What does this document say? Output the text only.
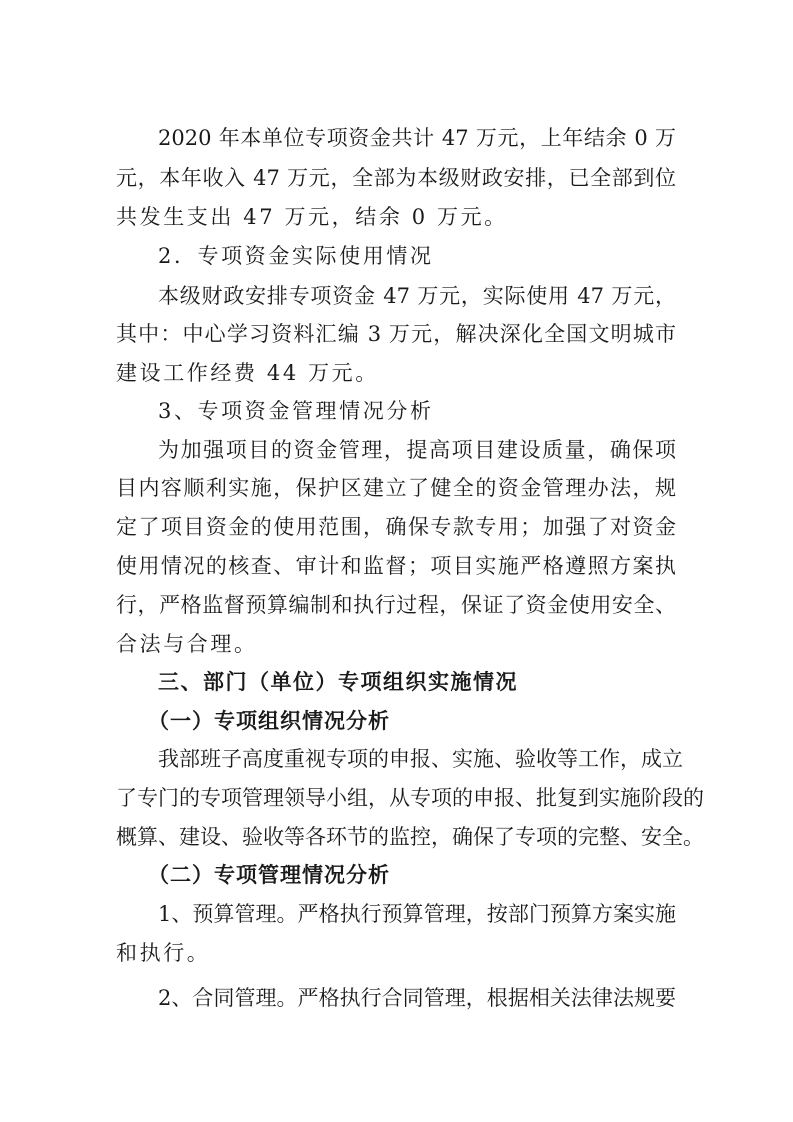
2020 年本单位专项资金共计 47 万元，上年结余 0 万
元，本年收入 47 万元，全部为本级财政安排，已全部到位
共发生支出 47 万元，结余 0 万元。
2．专项资金实际使用情况
本级财政安排专项资金 47 万元，实际使用 47 万元，
其中：中心学习资料汇编 3 万元，解决深化全国文明城市
建设工作经费 44 万元。
3、专项资金管理情况分析
为加强项目的资金管理，提高项目建设质量，确保项
目内容顺利实施，保护区建立了健全的资金管理办法，规
定了项目资金的使用范围，确保专款专用；加强了对资金
使用情况的核查、审计和监督；项目实施严格遵照方案执
行，严格监督预算编制和执行过程，保证了资金使用安全、
合法与合理。
三、部门（单位）专项组织实施情况
（一）专项组织情况分析
我部班子高度重视专项的申报、实施、验收等工作，成立
了专门的专项管理领导小组，从专项的申报、批复到实施阶段的
概算、建设、验收等各环节的监控，确保了专项的完整、安全。
（二）专项管理情况分析
1、预算管理。严格执行预算管理，按部门预算方案实施
和执行。
2、合同管理。严格执行合同管理，根据相关法律法规要
